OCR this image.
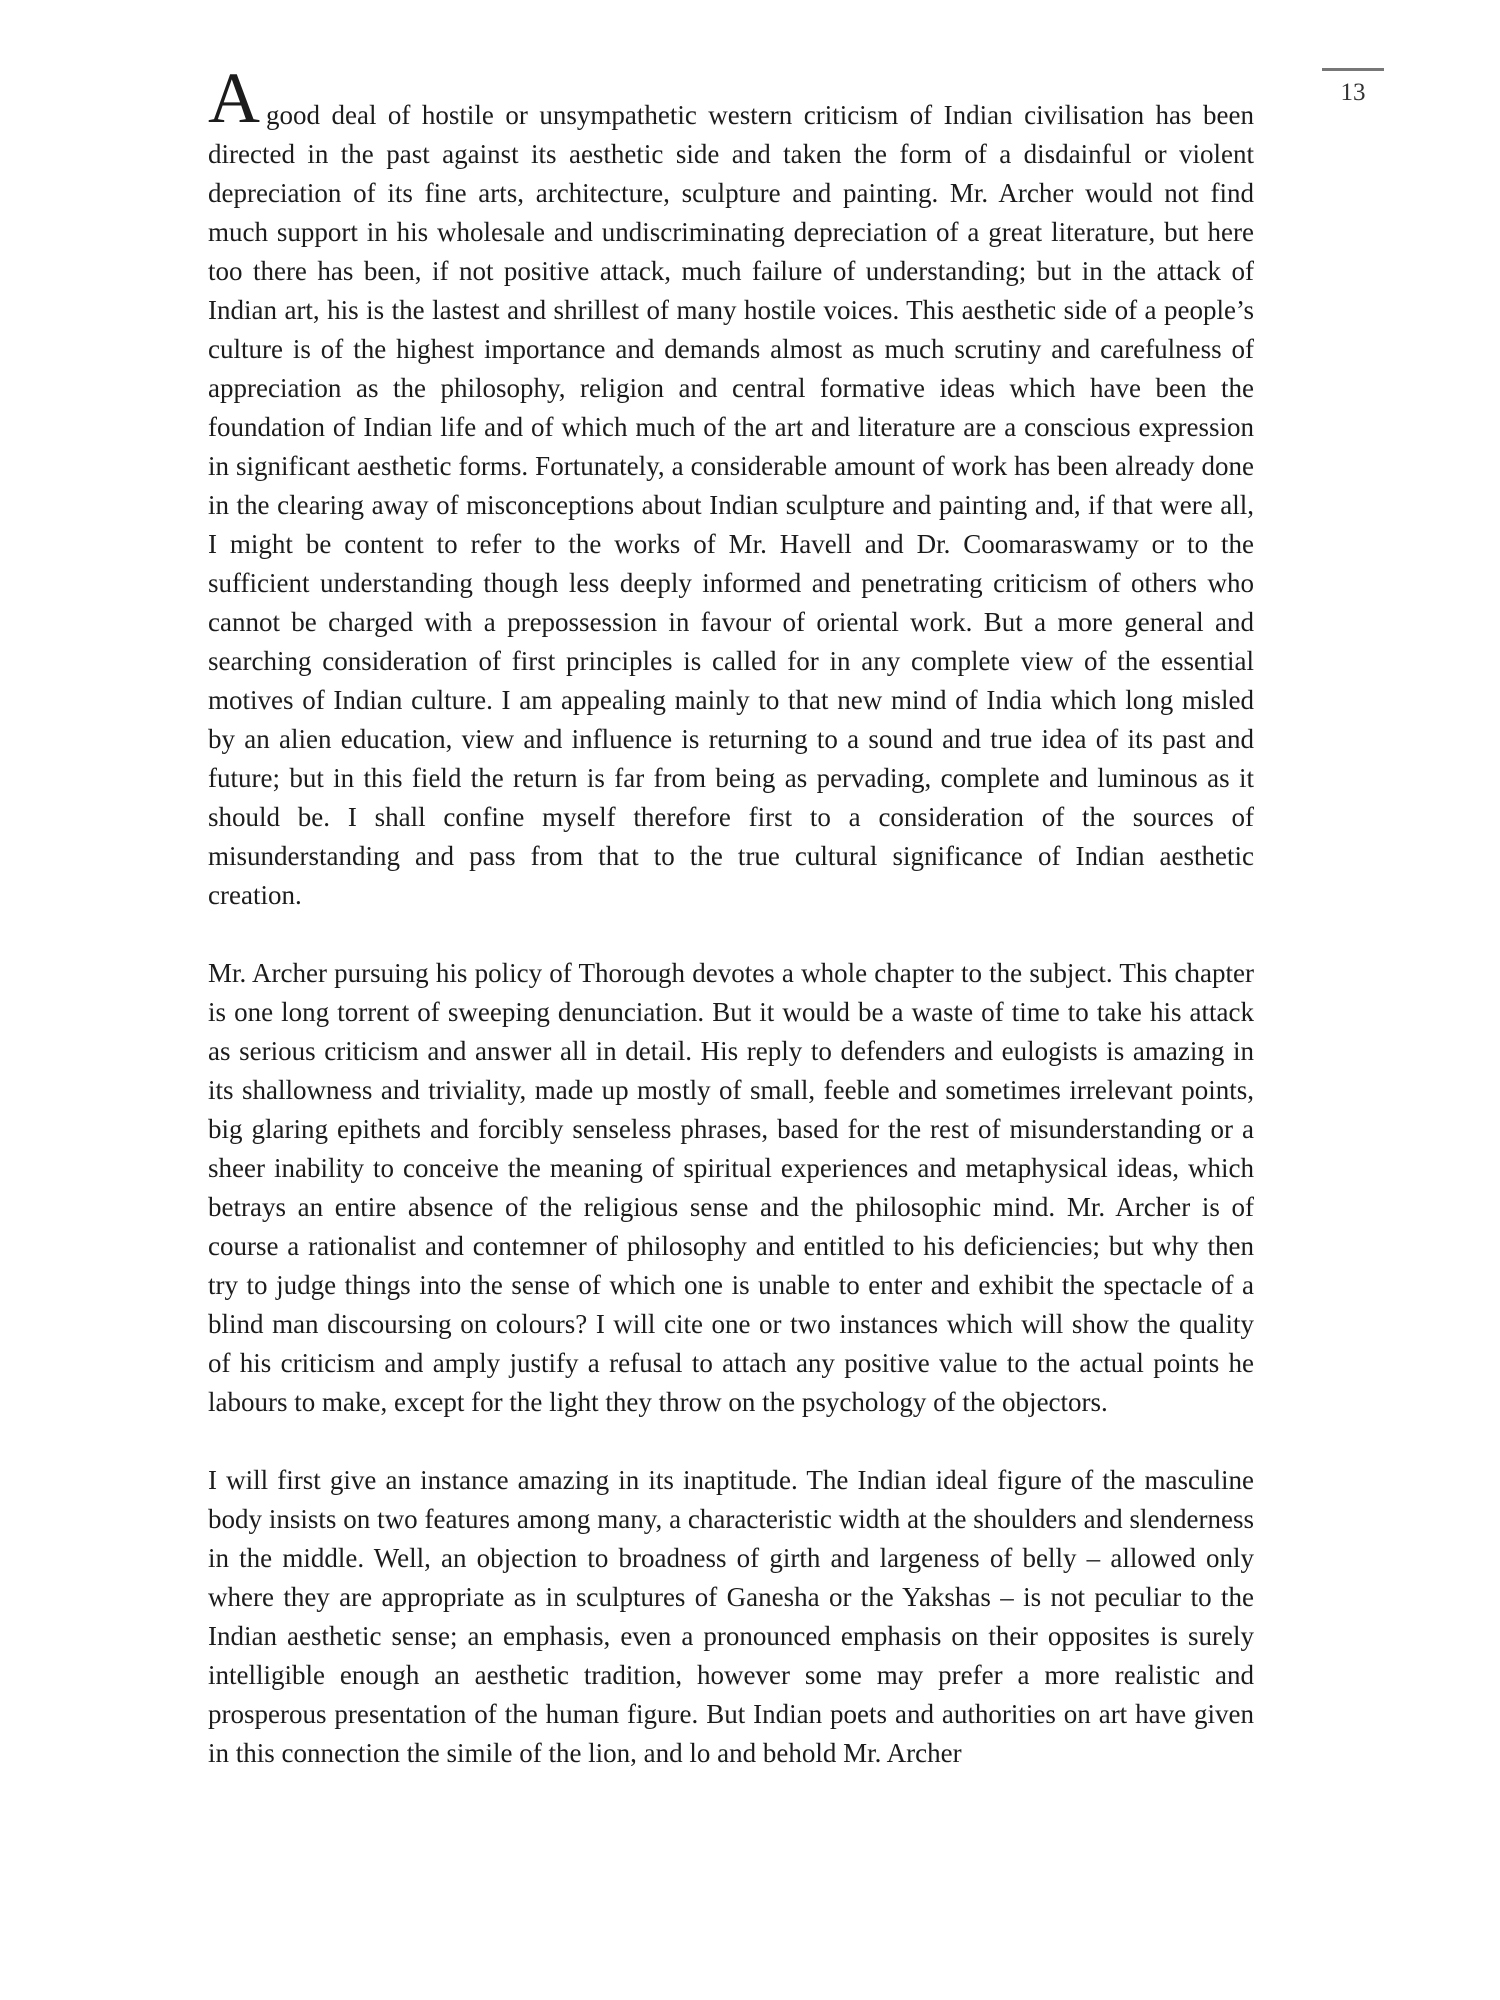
13

A good deal of hostile or unsympathetic western criticism of Indian civilisation has been directed in the past against its aesthetic side and taken the form of a disdainful or violent depreciation of its fine arts, architecture, sculpture and painting. Mr. Archer would not find much support in his wholesale and undiscriminating depreciation of a great literature, but here too there has been, if not positive attack, much failure of understanding; but in the attack of Indian art, his is the lastest and shrillest of many hostile voices. This aesthetic side of a people’s culture is of the highest importance and demands almost as much scrutiny and carefulness of appreciation as the philosophy, religion and central formative ideas which have been the foundation of Indian life and of which much of the art and literature are a conscious expression in significant aesthetic forms. Fortunately, a considerable amount of work has been already done in the clearing away of misconceptions about Indian sculpture and painting and, if that were all, I might be content to refer to the works of Mr. Havell and Dr. Coomaraswamy or to the sufficient understanding though less deeply informed and penetrating criticism of others who cannot be charged with a prepossession in favour of oriental work. But a more general and searching consideration of first principles is called for in any complete view of the essential motives of Indian culture. I am appealing mainly to that new mind of India which long misled by an alien education, view and influence is returning to a sound and true idea of its past and future; but in this field the return is far from being as pervading, complete and luminous as it should be. I shall confine myself therefore first to a consideration of the sources of misunderstanding and pass from that to the true cultural significance of Indian aesthetic creation.

Mr. Archer pursuing his policy of Thorough devotes a whole chapter to the subject. This chapter is one long torrent of sweeping denunciation. But it would be a waste of time to take his attack as serious criticism and answer all in detail. His reply to defenders and eulogists is amazing in its shallowness and triviality, made up mostly of small, feeble and sometimes irrelevant points, big glaring epithets and forcibly senseless phrases, based for the rest of misunderstanding or a sheer inability to conceive the meaning of spiritual experiences and metaphysical ideas, which betrays an entire absence of the religious sense and the philosophic mind. Mr. Archer is of course a rationalist and contemner of philosophy and entitled to his deficiencies; but why then try to judge things into the sense of which one is unable to enter and exhibit the spectacle of a blind man discoursing on colours? I will cite one or two instances which will show the quality of his criticism and amply justify a refusal to attach any positive value to the actual points he labours to make, except for the light they throw on the psychology of the objectors.

I will first give an instance amazing in its inaptitude. The Indian ideal figure of the masculine body insists on two features among many, a characteristic width at the shoulders and slenderness in the middle. Well, an objection to broadness of girth and largeness of belly – allowed only where they are appropriate as in sculptures of Ganesha or the Yakshas – is not peculiar to the Indian aesthetic sense; an emphasis, even a pronounced emphasis on their opposites is surely intelligible enough an aesthetic tradition, however some may prefer a more realistic and prosperous presentation of the human figure. But Indian poets and authorities on art have given in this connection the simile of the lion, and lo and behold Mr. Archer
